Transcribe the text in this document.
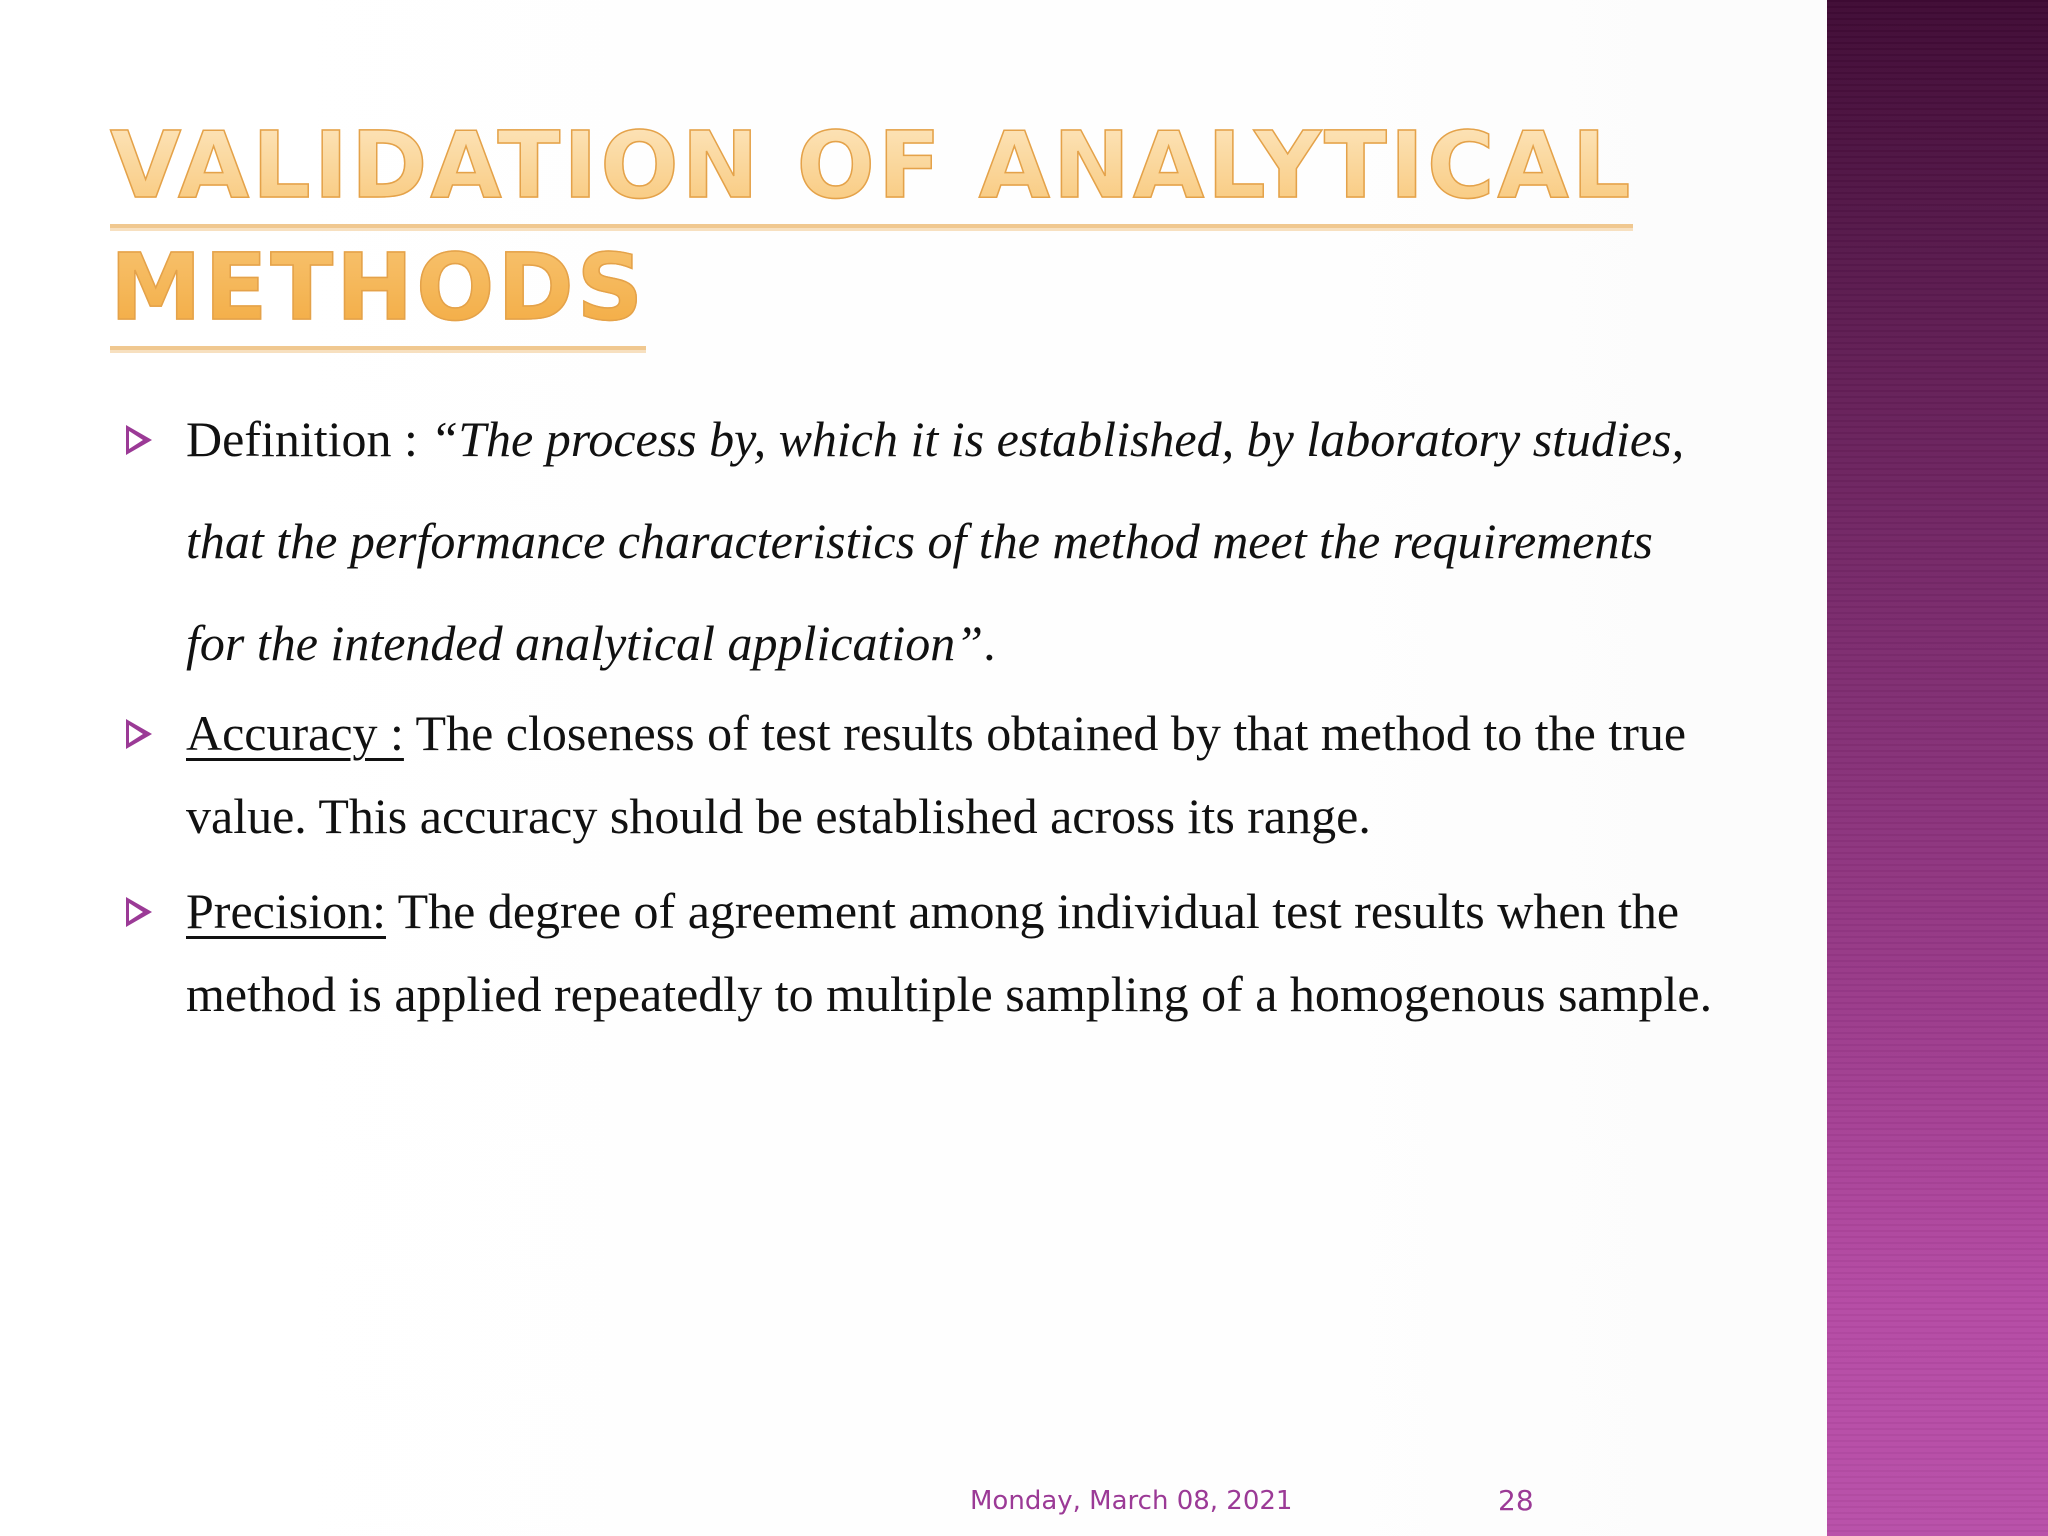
VALIDATION OF ANALYTICAL
METHODS
Definition : “The process by, which it is established, by laboratory studies, that the performance characteristics of the method meet the requirements for the intended analytical application”.
Accuracy : The closeness of test results obtained by that method to the true value. This accuracy should be established across its range.
Precision: The degree of agreement among individual test results when the method is applied repeatedly to multiple sampling of a homogenous sample.
Monday, March 08, 2021	28
